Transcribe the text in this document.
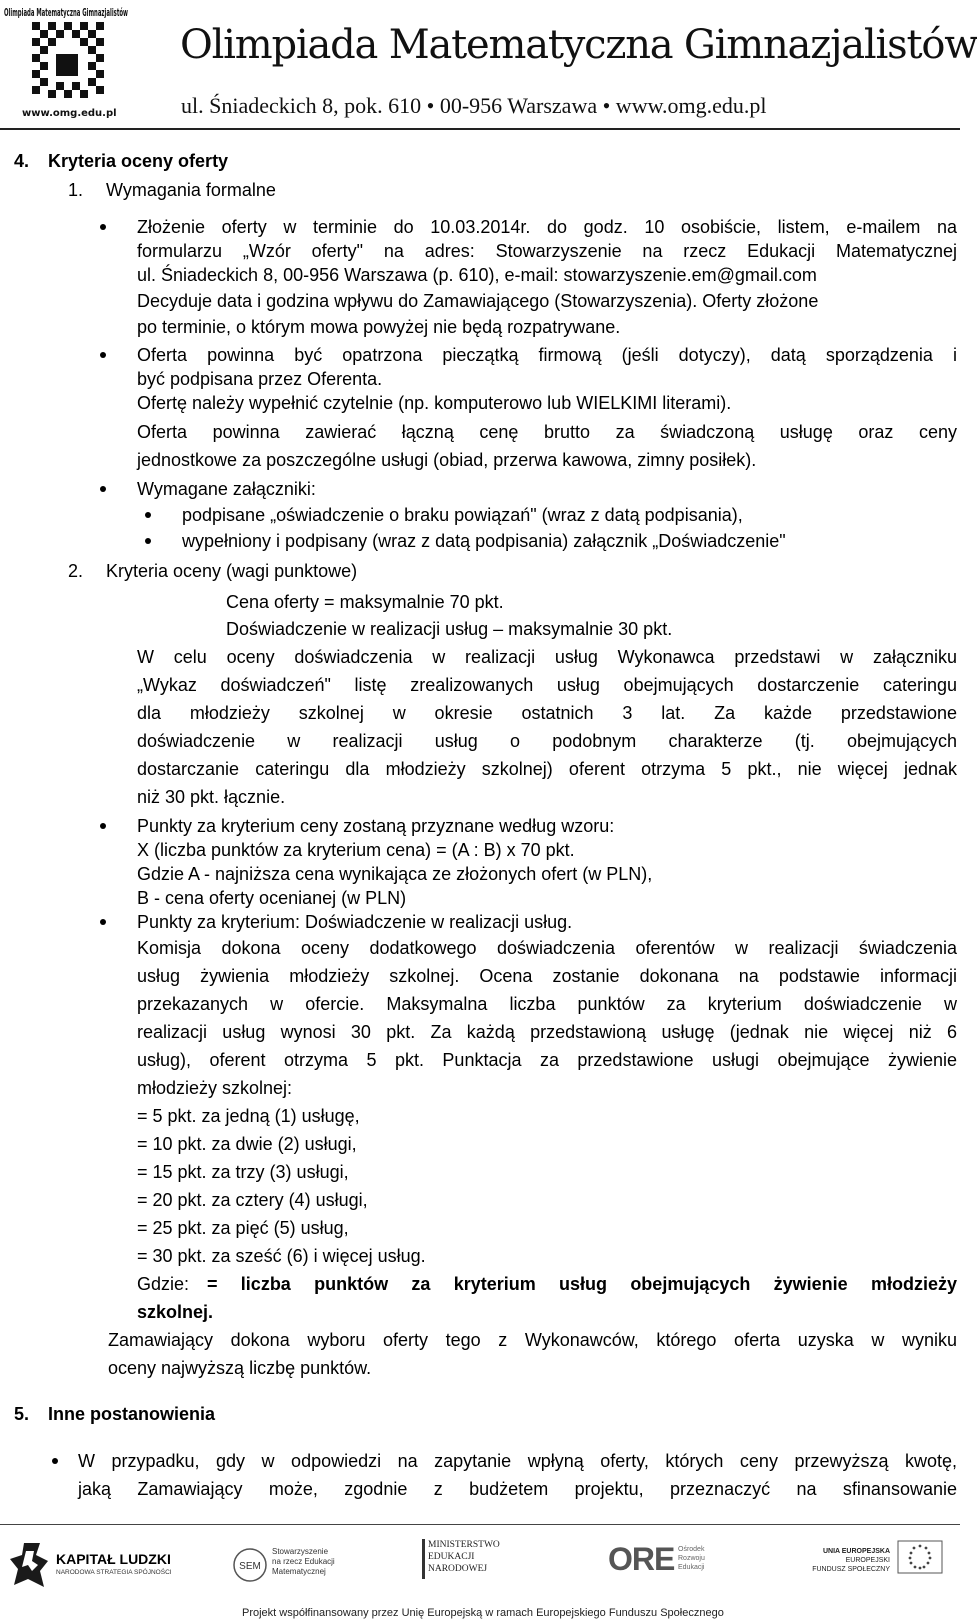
Olimpiada Matematyczna Gimnazjalistów
www.omg.edu.pl
Olimpiada Matematyczna Gimnazjalistów
ul. Śniadeckich 8, pok. 610 • 00-956 Warszawa • www.omg.edu.pl
4. Kryteria oceny oferty
1. Wymagania formalne
Złożenie oferty w terminie do 10.03.2014r. do godz. 10 osobiście, listem, e-mailem na
formularzu „Wzór oferty" na adres: Stowarzyszenie na rzecz Edukacji Matematycznej
ul. Śniadeckich 8, 00-956 Warszawa (p. 610), e-mail: stowarzyszenie.em@gmail.com
Decyduje data i godzina wpływu do Zamawiającego (Stowarzyszenia). Oferty złożone
po terminie, o którym mowa powyżej nie będą rozpatrywane.
Oferta powinna być opatrzona pieczątką firmową (jeśli dotyczy), datą sporządzenia i
być podpisana przez Oferenta.
Ofertę należy wypełnić czytelnie (np. komputerowo lub WIELKIMI literami).
Oferta powinna zawierać łączną cenę brutto za świadczoną usługę oraz ceny
jednostkowe za poszczególne usługi (obiad, przerwa kawowa, zimny posiłek).
Wymagane załączniki:
podpisane „oświadczenie o braku powiązań" (wraz z datą podpisania),
wypełniony i podpisany (wraz z datą podpisania) załącznik „Doświadczenie"
2. Kryteria oceny (wagi punktowe)
Cena oferty = maksymalnie 70 pkt.
Doświadczenie w realizacji usług – maksymalnie 30 pkt.
W celu oceny doświadczenia w realizacji usług Wykonawca przedstawi w załączniku
„Wykaz doświadczeń" listę zrealizowanych usług obejmujących dostarczenie cateringu
dla młodzieży szkolnej w okresie ostatnich 3 lat. Za każde przedstawione
doświadczenie w realizacji usług o podobnym charakterze (tj. obejmujących
dostarczanie cateringu dla młodzieży szkolnej) oferent otrzyma 5 pkt., nie więcej jednak
niż 30 pkt. łącznie.
Punkty za kryterium ceny zostaną przyznane według wzoru:
X (liczba punktów za kryterium cena) = (A : B) x 70 pkt.
Gdzie A - najniższa cena wynikająca ze złożonych ofert (w PLN),
B - cena oferty ocenianej (w PLN)
Punkty za kryterium: Doświadczenie w realizacji usług.
Komisja dokona oceny dodatkowego doświadczenia oferentów w realizacji świadczenia
usług żywienia młodzieży szkolnej. Ocena zostanie dokonana na podstawie informacji
przekazanych w ofercie. Maksymalna liczba punktów za kryterium doświadczenie w
realizacji usług wynosi 30 pkt. Za każdą przedstawioną usługę (jednak nie więcej niż 6
usług), oferent otrzyma 5 pkt. Punktacja za przedstawione usługi obejmujące żywienie
młodzieży szkolnej:
= 5 pkt. za jedną (1) usługę,
= 10 pkt. za dwie (2) usługi,
= 15 pkt. za trzy (3) usługi,
= 20 pkt. za cztery (4) usługi,
= 25 pkt. za pięć (5) usług,
= 30 pkt. za sześć (6) i więcej usług.
Gdzie: = liczba punktów za kryterium usług obejmujących żywienie młodzieży
szkolnej.
Zamawiający dokona wyboru oferty tego z Wykonawców, którego oferta uzyska w wyniku
oceny najwyższą liczbę punktów.
5. Inne postanowienia
W przypadku, gdy w odpowiedzi na zapytanie wpłyną oferty, których ceny przewyższą kwotę,
jaką Zamawiający może, zgodnie z budżetem projektu, przeznaczyć na sfinansowanie
KAPITAŁ LUDZKI
NARODOWA STRATEGIA SPÓJNOŚCI
SEM
Stowarzyszenie
na rzecz Edukacji
Matematycznej
MINISTERSTWO
EDUKACJI
NARODOWEJ	ORE Ośrodek
Rozwoju
Edukacji
UNIA EUROPEJSKA
EUROPEJSKI
FUNDUSZ SPOŁECZNY
Projekt współfinansowany przez Unię Europejską w ramach Europejskiego Funduszu Społecznego
